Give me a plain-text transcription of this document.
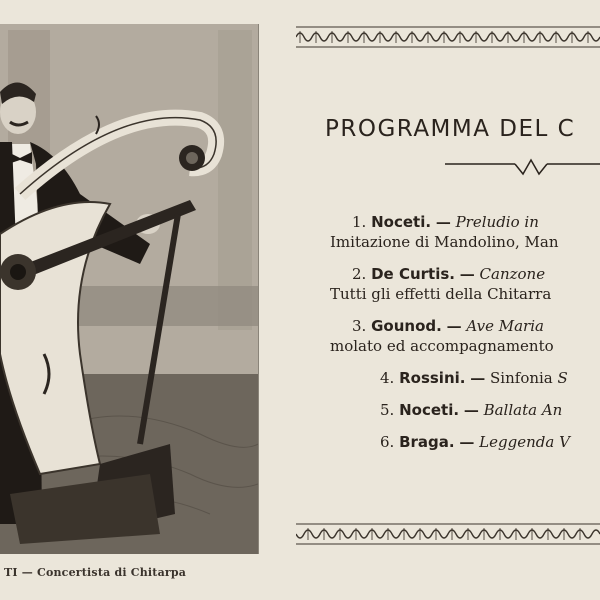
TI — Concertista di Chitarpa
PROGRAMMA DEL C
1. Noceti. — Preludio in
Imitazione di Mandolino, Man
2. De Curtis. — Canzone
Tutti gli effetti della Chitarra
3. Gounod. — Ave Maria
molato ed accompagnamento
4. Rossini. — Sinfonia S
5. Noceti. — Ballata An
6. Braga. — Leggenda V
